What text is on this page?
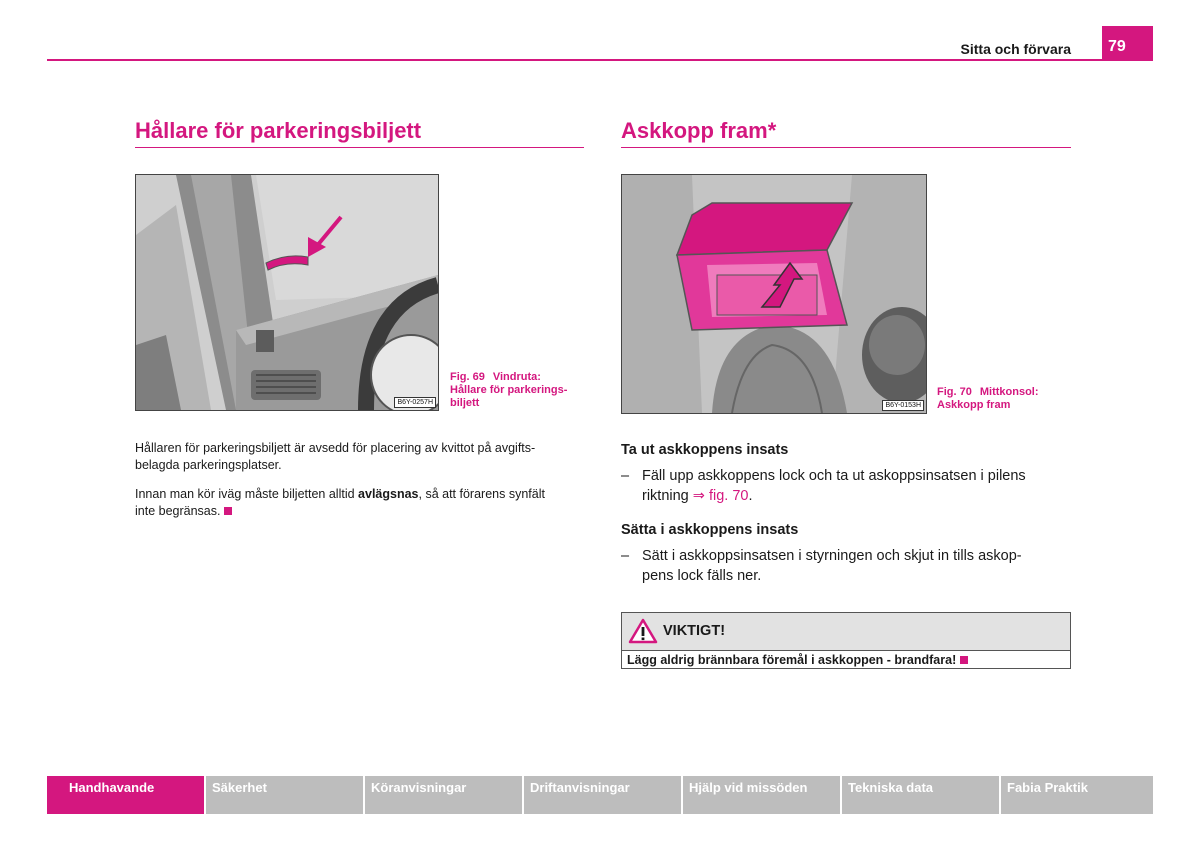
Sitta och förvara	79
Hållare för parkeringsbiljett
B6Y-0257H
Fig. 69 Vindruta:
Hållare för parkerings-
biljett

Hållaren för parkeringsbiljett är avsedd för placering av kvittot på avgifts-
belagda parkeringsplatser.

Innan man kör iväg måste biljetten alltid avlägsnas, så att förarens synfält
inte begränsas.

Askkopp fram*
B6Y-0153H
Fig. 70 Mittkonsol:
Askkopp fram
Ta ut askkoppens insats
– Fäll upp askkoppens lock och ta ut askoppsinsatsen i pilens
riktning ⇒ fig. 70.
Sätta i askkoppens insats
– Sätt i askkoppsinsatsen i styrningen och skjut in tills askop-
pens lock fälls ner.
VIKTIGT!
Lägg aldrig brännbara föremål i askkoppen - brandfara!
Handhavande	Säkerhet	Köranvisningar	Driftanvisningar	Hjälp vid missöden	Tekniska data	Fabia Praktik
